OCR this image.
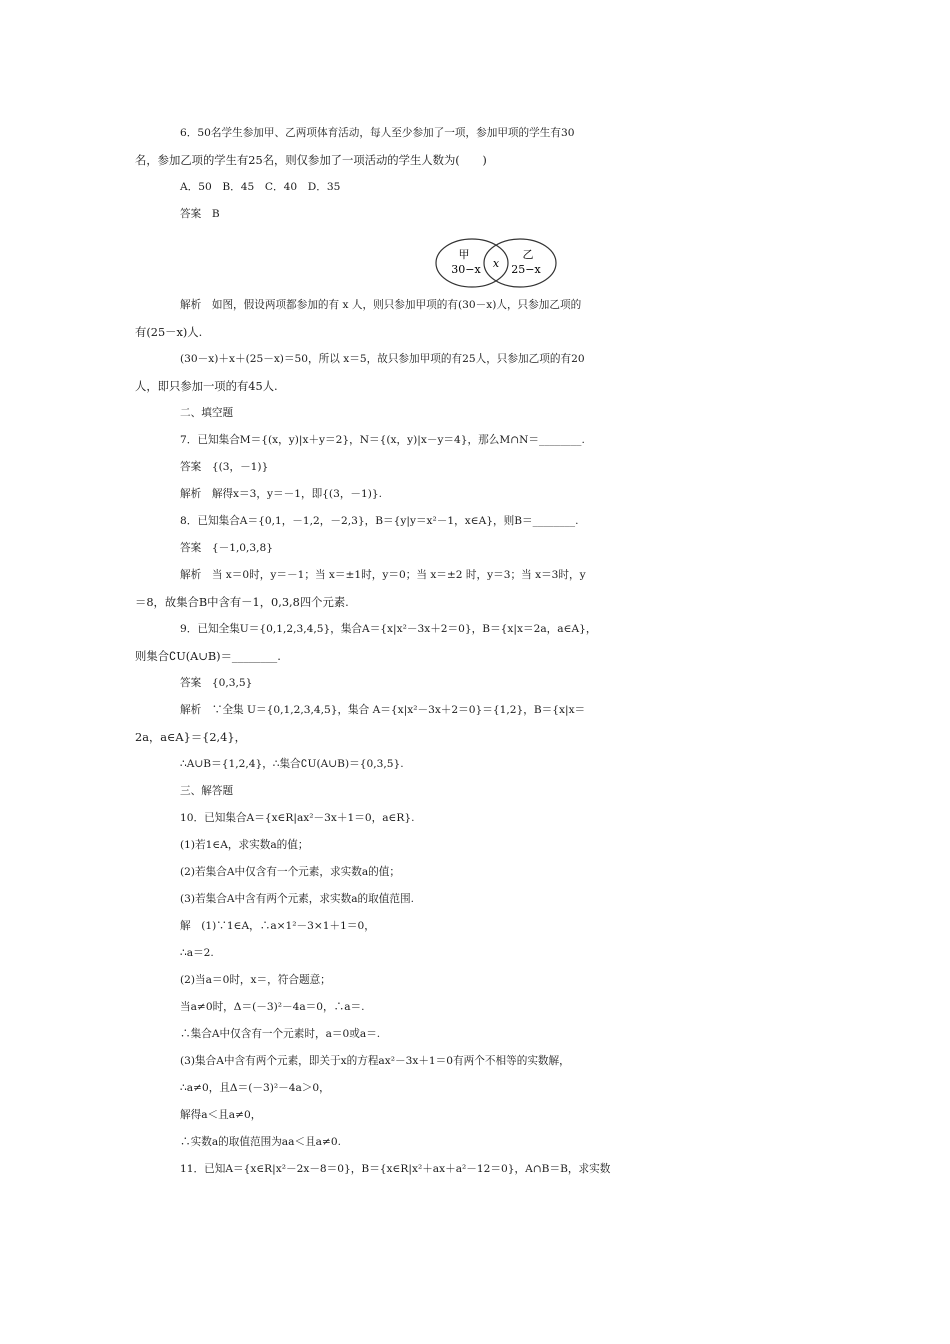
6．50名学生参加甲、乙两项体育活动，每人至少参加了一项，参加甲项的学生有30
名，参加乙项的学生有25名，则仅参加了一项活动的学生人数为(　　)
A．50　B．45　C．40　D．35
答案　B
甲
30−x x
乙
25−x
解析　如图，假设两项都参加的有 x 人，则只参加甲项的有(30－x)人，只参加乙项的
有(25－x)人.
(30－x)＋x＋(25－x)＝50，所以 x＝5，故只参加甲项的有25人，只参加乙项的有20
人，即只参加一项的有45人.
二、填空题
7．已知集合M＝{(x，y)|x＋y＝2}，N＝{(x，y)|x－y＝4}，那么M∩N＝________.
答案　{(3，－1)}
解析　解得x＝3，y＝－1，即{(3，－1)}.
8．已知集合A＝{0,1，－1,2，－2,3}，B＝{y|y＝x²－1，x∈A}，则B＝________.
答案　{－1,0,3,8}
解析　当 x＝0时，y＝－1；当 x＝±1时，y＝0；当 x＝±2 时，y＝3；当 x＝3时，y
＝8，故集合B中含有－1，0,3,8四个元素.
9．已知全集U＝{0,1,2,3,4,5}，集合A＝{x|x²－3x＋2＝0}，B＝{x|x＝2a，a∈A}，
则集合∁U(A∪B)＝________.
答案　{0,3,5}
解析　∵全集 U＝{0,1,2,3,4,5}，集合 A＝{x|x²－3x＋2＝0}＝{1,2}，B＝{x|x＝
2a，a∈A}＝{2,4}，
∴A∪B＝{1,2,4}，∴集合∁U(A∪B)＝{0,3,5}.
三、解答题
10．已知集合A＝{x∈R|ax²－3x＋1＝0，a∈R}.
(1)若1∈A，求实数a的值；
(2)若集合A中仅含有一个元素，求实数a的值；
(3)若集合A中含有两个元素，求实数a的取值范围.
解　(1)∵1∈A，∴a×1²－3×1＋1＝0，
∴a＝2.
(2)当a＝0时，x＝，符合题意；
当a≠0时，Δ＝(－3)²－4a＝0，∴a＝.
∴集合A中仅含有一个元素时，a＝0或a＝.
(3)集合A中含有两个元素，即关于x的方程ax²－3x＋1＝0有两个不相等的实数解，
∴a≠0，且Δ＝(－3)²－4a＞0，
解得a＜且a≠0，
∴实数a的取值范围为aa＜且a≠0.
11．已知A＝{x∈R|x²－2x－8＝0}，B＝{x∈R|x²＋ax＋a²－12＝0}，A∩B＝B，求实数
